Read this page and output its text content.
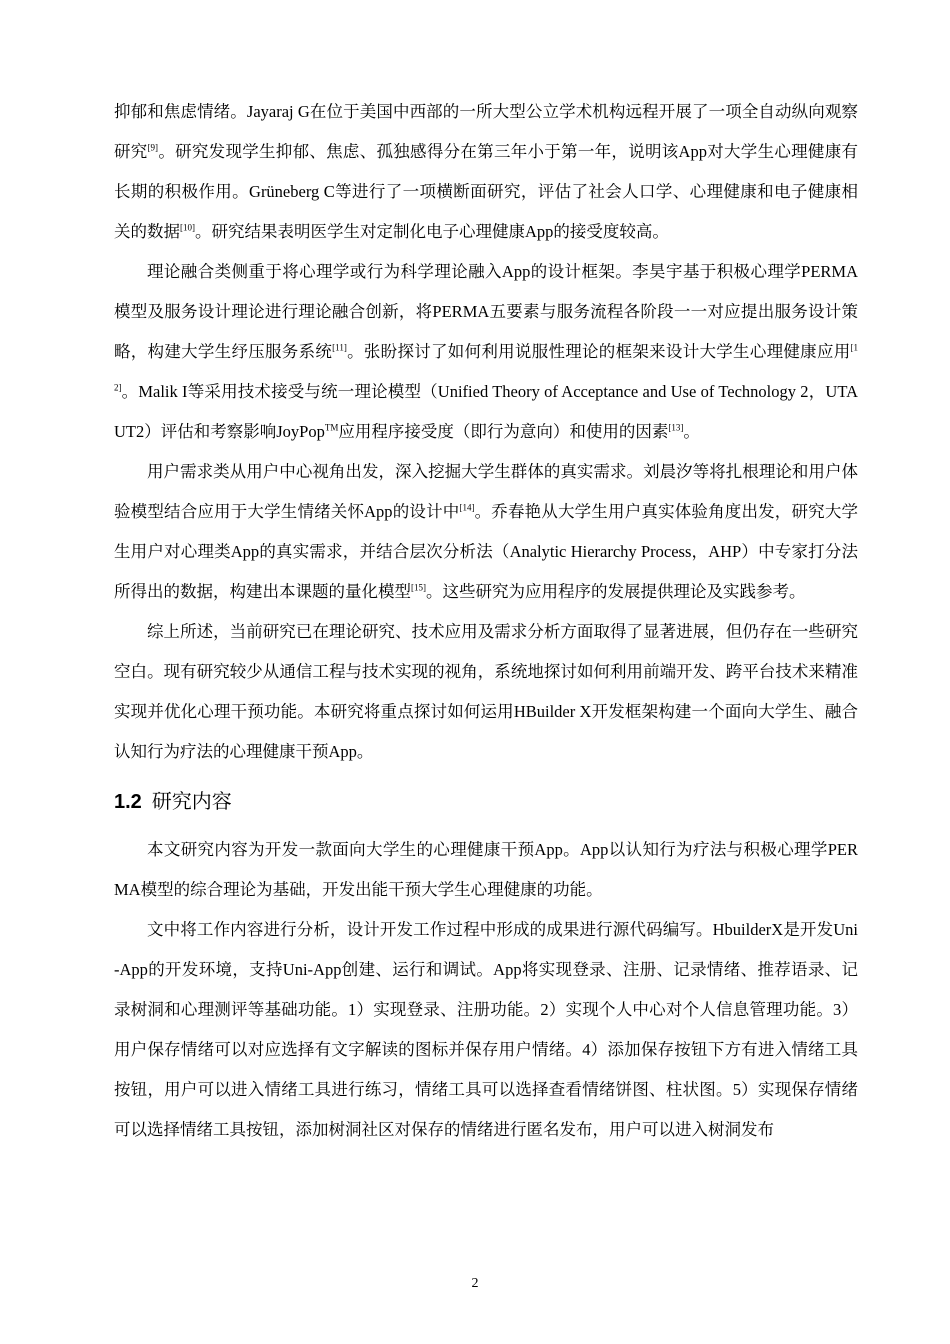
抑郁和焦虑情绪。Jayaraj G在位于美国中西部的一所大型公立学术机构远程开展了一项全自动纵向观察研究[9]。研究发现学生抑郁、焦虑、孤独感得分在第三年小于第一年，说明该App对大学生心理健康有长期的积极作用。Grüneberg C等进行了一项横断面研究，评估了社会人口学、心理健康和电子健康相关的数据[10]。研究结果表明医学生对定制化电子心理健康App的接受度较高。

理论融合类侧重于将心理学或行为科学理论融入App的设计框架。李昊宇基于积极心理学PERMA模型及服务设计理论进行理论融合创新，将PERMA五要素与服务流程各阶段一一对应提出服务设计策略，构建大学生纾压服务系统[11]。张盼探讨了如何利用说服性理论的框架来设计大学生心理健康应用[12]。Malik I等采用技术接受与统一理论模型（Unified Theory of Acceptance and Use of Technology 2，UTAUT2）评估和考察影响JoyPop™应用程序接受度（即行为意向）和使用的因素[13]。

用户需求类从用户中心视角出发，深入挖掘大学生群体的真实需求。刘晨汐等将扎根理论和用户体验模型结合应用于大学生情绪关怀App的设计中[14]。乔春艳从大学生用户真实体验角度出发，研究大学生用户对心理类App的真实需求，并结合层次分析法（Analytic Hierarchy Process，AHP）中专家打分法所得出的数据，构建出本课题的量化模型[15]。这些研究为应用程序的发展提供理论及实践参考。

综上所述，当前研究已在理论研究、技术应用及需求分析方面取得了显著进展，但仍存在一些研究空白。现有研究较少从通信工程与技术实现的视角，系统地探讨如何利用前端开发、跨平台技术来精准实现并优化心理干预功能。本研究将重点探讨如何运用HBuilder X开发框架构建一个面向大学生、融合认知行为疗法的心理健康干预App。

1.2 研究内容

本文研究内容为开发一款面向大学生的心理健康干预App。App以认知行为疗法与积极心理学PERMA模型的综合理论为基础，开发出能干预大学生心理健康的功能。

文中将工作内容进行分析，设计开发工作过程中形成的成果进行源代码编写。HbuilderX是开发Uni-App的开发环境，支持Uni-App创建、运行和调试。App将实现登录、注册、记录情绪、推荐语录、记录树洞和心理测评等基础功能。1）实现登录、注册功能。2）实现个人中心对个人信息管理功能。3）用户保存情绪可以对应选择有文字解读的图标并保存用户情绪。4）添加保存按钮下方有进入情绪工具按钮，用户可以进入情绪工具进行练习，情绪工具可以选择查看情绪饼图、柱状图。5）实现保存情绪可以选择情绪工具按钮，添加树洞社区对保存的情绪进行匿名发布，用户可以进入树洞发布

2
